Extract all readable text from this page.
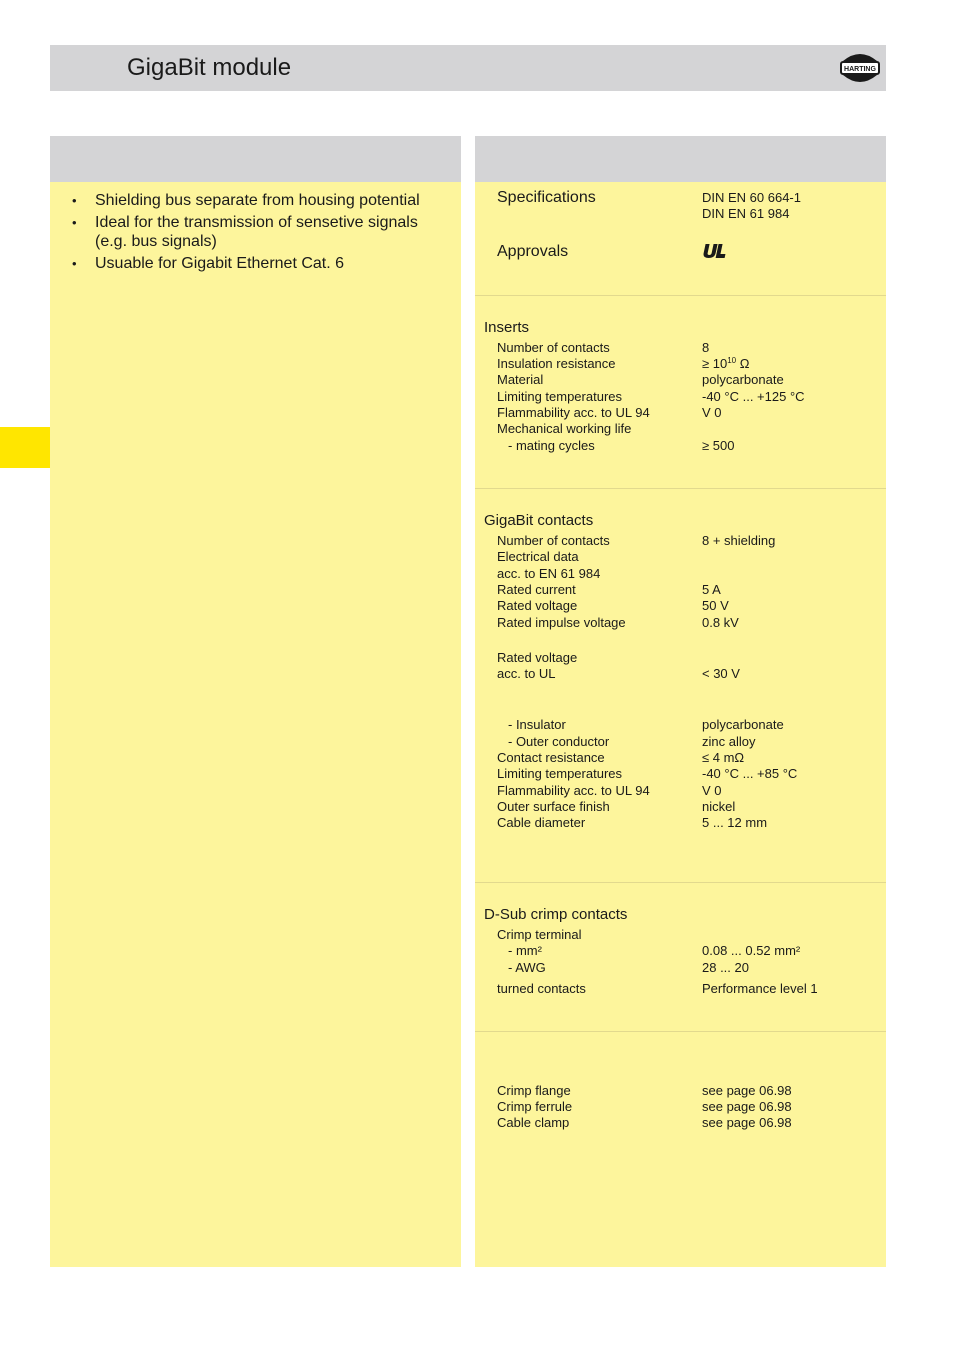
GigaBit module	HARTING
• Shielding bus separate from housing potential
• Ideal for the transmission of sensetive signals (e.g. bus signals)
• Usuable for Gigabit Ethernet Cat. 6
Specifications	DIN EN 60 664-1
DIN EN 61 984
Approvals
Inserts
Number of contacts	8
Insulation resistance	≥ $10^{10}$ Ω
Material	polycarbonate
Limiting temperatures	-40 °C ... +125 °C
Flammability acc. to UL 94	V 0
Mechanical working life
- mating cycles	≥ 500
GigaBit contacts
Number of contacts	8 + shielding
Electrical data
acc. to EN 61 984
Rated current	5 A
Rated voltage	50 V
Rated impulse voltage	0.8 kV
Rated voltage
acc. to UL	< 30 V
- Insulator	polycarbonate
- Outer conductor	zinc alloy
Contact resistance	≤ 4 mΩ
Limiting temperatures	-40 °C ... +85 °C
Flammability acc. to UL 94	V 0
Outer surface finish	nickel
Cable diameter	5 ... 12 mm
D-Sub crimp contacts
Crimp terminal
- mm²	0.08 ... 0.52 mm²
- AWG	28 ... 20
turned contacts	Performance level 1
Crimp flange	see page 06.98
Crimp ferrule	see page 06.98
Cable clamp	see page 06.98
